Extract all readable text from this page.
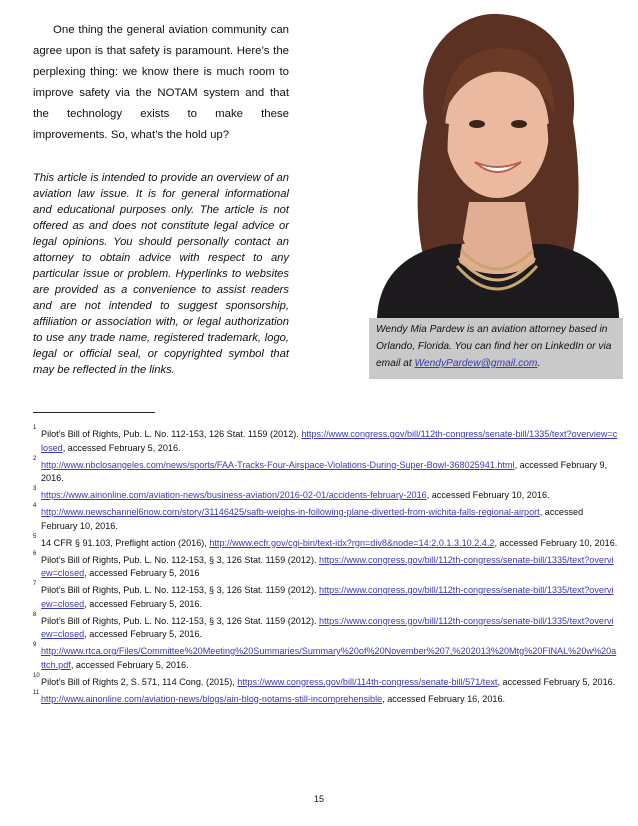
One thing the general aviation community can agree upon is that safety is paramount. Here’s the perplexing thing: we know there is much room to improve safety via the NOTAM system and that the technology exists to make these improvements. So, what’s the hold up?
This article is intended to provide an overview of an aviation law issue. It is for general informational and educational purposes only. The article is not offered as and does not constitute legal advice or legal opinions. You should personally contact an attorney to obtain advice with respect to any particular issue or problem. Hyperlinks to websites are provided as a convenience to assist readers and are not intended to suggest sponsorship, affiliation or association with, or legal authorization to use any trade name, registered trademark, logo, legal or official seal, or copyrighted symbol that may be reflected in the links.
Wendy Mia Pardew is an aviation attorney based in Orlando, Florida. You can find her on LinkedIn or via email at WendyPardew@gmail.com.
1
Pilot’s Bill of Rights, Pub. L. No. 112-153, 126 Stat. 1159 (2012). https://www.congress.gov/bill/112th-congress/senate-bill/1335/text?overview=closed, accessed February 5, 2016.
2
http://www.nbclosangeles.com/news/sports/FAA-Tracks-Four-Airspace-Violations-During-Super-Bowl-368025941.html, accessed February 9, 2016.
3
https://www.ainonline.com/aviation-news/business-aviation/2016-02-01/accidents-february-2016, accessed February 10, 2016.
4
http://www.newschannel6now.com/story/31146425/safb-weighs-in-following-plane-diverted-from-wichita-falls-regional-airport, accessed February 10, 2016.
5
14 CFR § 91.103, Preflight action (2016), http://www.ecfr.gov/cgi-bin/text-idx?rgn=div8&node=14:2.0.1.3.10.2.4.2, accessed February 10, 2016.
6
Pilot’s Bill of Rights, Pub. L. No. 112-153, § 3, 126 Stat. 1159 (2012). https://www.congress.gov/bill/112th-congress/senate-bill/1335/text?overview=closed, accessed February 5, 2016
7
Pilot’s Bill of Rights, Pub. L. No. 112-153, § 3, 126 Stat. 1159 (2012). https://www.congress.gov/bill/112th-congress/senate-bill/1335/text?overview=closed, accessed February 5, 2016.
8
Pilot’s Bill of Rights, Pub. L. No. 112-153, § 3, 126 Stat. 1159 (2012). https://www.congress.gov/bill/112th-congress/senate-bill/1335/text?overview=closed, accessed February 5, 2016.
9
http://www.rtca.org/Files/Committee%20Meeting%20Summaries/Summary%20of%20November%207,%202013%20Mtg%20FINAL%20w%20attch.pdf, accessed February 5, 2016.
10
Pilot’s Bill of Rights 2, S. 571, 114 Cong. (2015), https://www.congress.gov/bill/114th-congress/senate-bill/571/text, accessed February 5, 2016.
11
http://www.ainonline.com/aviation-news/blogs/ain-blog-notams-still-incomprehensible, accessed February 16, 2016.
15
